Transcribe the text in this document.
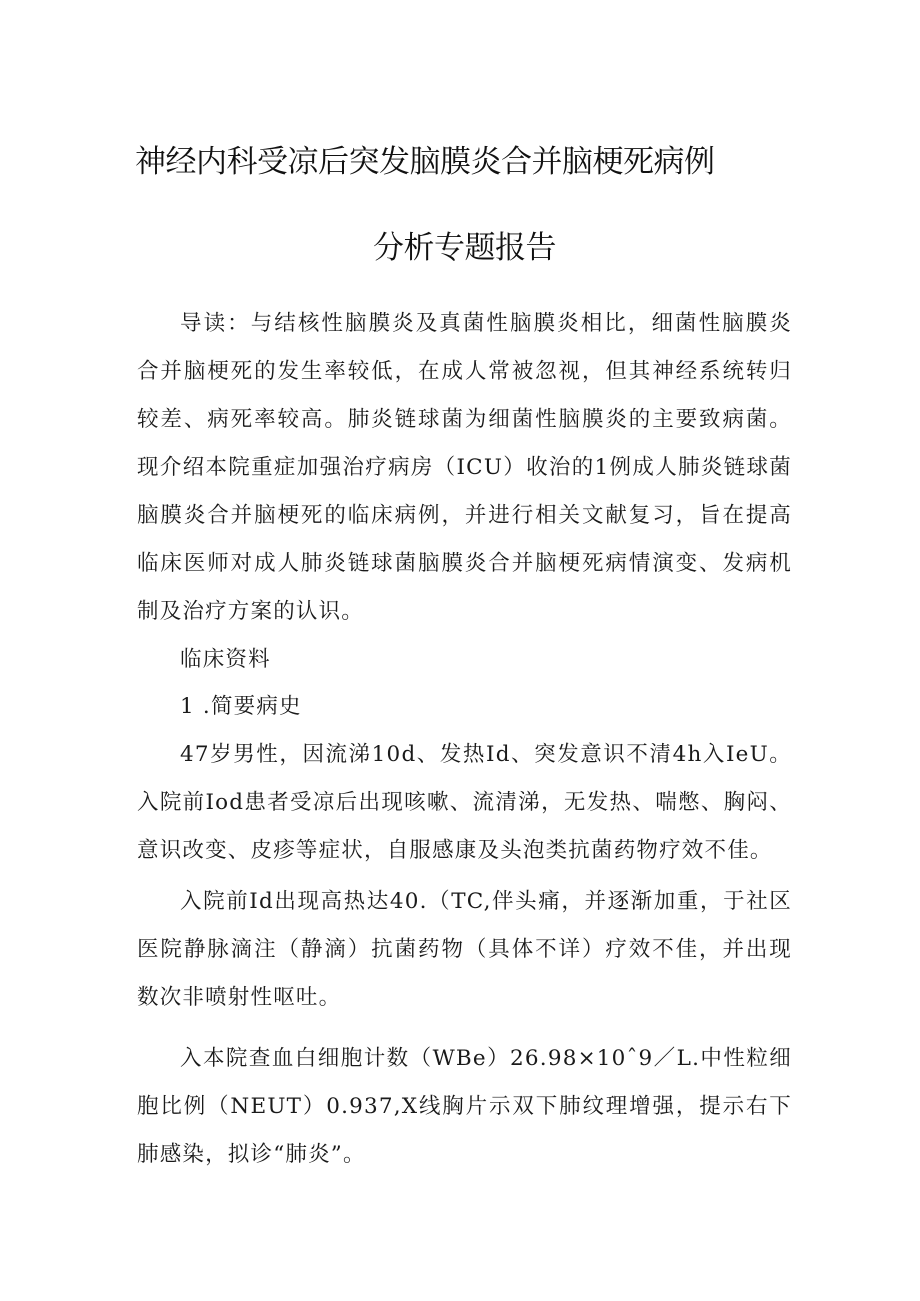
神经内科受凉后突发脑膜炎合并脑梗死病例
分析专题报告

导读：与结核性脑膜炎及真菌性脑膜炎相比，细菌性脑膜炎合并脑梗死的发生率较低，在成人常被忽视，但其神经系统转归较差、病死率较高。肺炎链球菌为细菌性脑膜炎的主要致病菌。现介绍本院重症加强治疗病房（ICU）收治的1例成人肺炎链球菌脑膜炎合并脑梗死的临床病例，并进行相关文献复习，旨在提高临床医师对成人肺炎链球菌脑膜炎合并脑梗死病情演变、发病机制及治疗方案的认识。

临床资料

1 .简要病史

47岁男性，因流涕10d、发热Id、突发意识不清4h入IeU。入院前Iod患者受凉后出现咳嗽、流清涕，无发热、喘憋、胸闷、意识改变、皮疹等症状，自服感康及头泡类抗菌药物疗效不佳。

入院前Id出现高热达40.（TC,伴头痛，并逐渐加重，于社区医院静脉滴注（静滴）抗菌药物（具体不详）疗效不佳，并出现数次非喷射性呕吐。

入本院查血白细胞计数（WBe）26.98×10ˆ9／L.中性粒细胞比例（NEUT）0.937,X线胸片示双下肺纹理增强，提示右下肺感染，拟诊“肺炎”。
